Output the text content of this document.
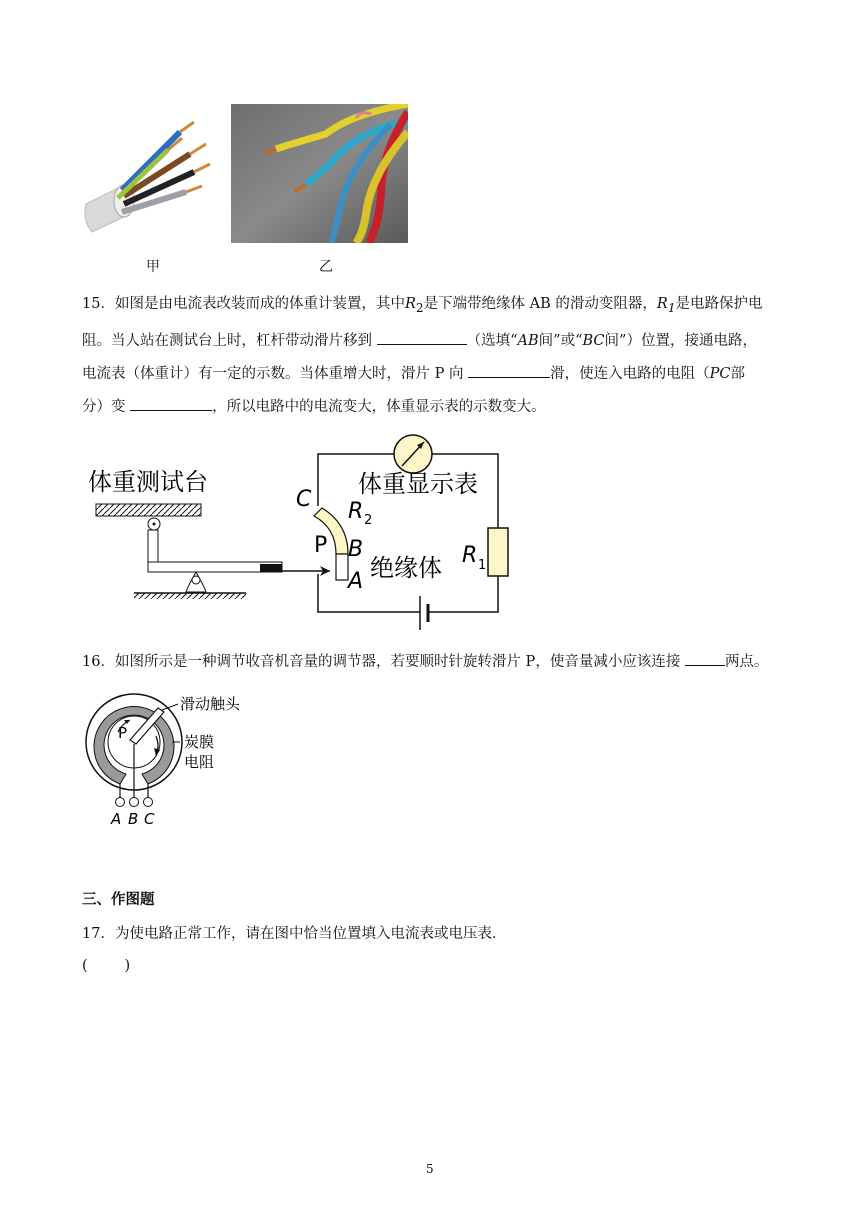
甲	乙
15．如图是由电流表改装而成的体重计装置，其中$R_2$是下端带绝缘体 AB 的滑动变阻器，$R_1$是电路保护电
阻。当人站在测试台上时，杠杆带动滑片移到	（选填“AB间”或“BC间”）位置，接通电路，
电流表（体重计）有一定的示数。当体重增大时，滑片 P 向	滑，使连入电路的电阻（PC部
分）变	，所以电路中的电流变大，体重显示表的示数变大。
体重测试台
C R 2
P B
绝缘体
A
体重显示表
R 1
16．如图所示是一种调节收音机音量的调节器，若要顺时针旋转滑片 P，使音量减小应该连接	两点。
P
A B C
滑动触头
炭膜
电阻
三、作图题
17．为使电路正常工作，请在图中恰当位置填入电流表或电压表．
(        )
5
